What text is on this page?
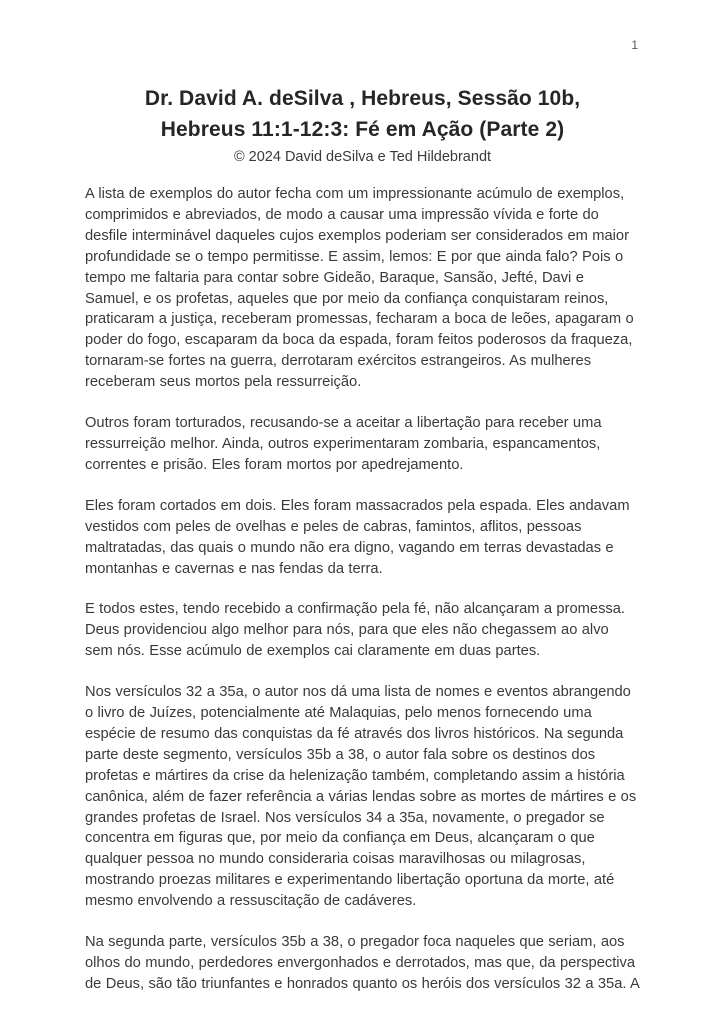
1
Dr. David A. deSilva , Hebreus, Sessão 10b,
Hebreus 11:1-12:3: Fé em Ação (Parte 2)

© 2024 David deSilva e Ted Hildebrandt

A lista de exemplos do autor fecha com um impressionante acúmulo de exemplos, comprimidos e abreviados, de modo a causar uma impressão vívida e forte do desfile interminável daqueles cujos exemplos poderiam ser considerados em maior profundidade se o tempo permitisse. E assim, lemos: E por que ainda falo? Pois o tempo me faltaria para contar sobre Gideão, Baraque, Sansão, Jefté, Davi e Samuel, e os profetas, aqueles que por meio da confiança conquistaram reinos, praticaram a justiça, receberam promessas, fecharam a boca de leões, apagaram o poder do fogo, escaparam da boca da espada, foram feitos poderosos da fraqueza, tornaram-se fortes na guerra, derrotaram exércitos estrangeiros. As mulheres receberam seus mortos pela ressurreição.

Outros foram torturados, recusando-se a aceitar a libertação para receber uma ressurreição melhor. Ainda, outros experimentaram zombaria, espancamentos, correntes e prisão. Eles foram mortos por apedrejamento.

Eles foram cortados em dois. Eles foram massacrados pela espada. Eles andavam vestidos com peles de ovelhas e peles de cabras, famintos, aflitos, pessoas maltratadas, das quais o mundo não era digno, vagando em terras devastadas e montanhas e cavernas e nas fendas da terra.

E todos estes, tendo recebido a confirmação pela fé, não alcançaram a promessa. Deus providenciou algo melhor para nós, para que eles não chegassem ao alvo sem nós. Esse acúmulo de exemplos cai claramente em duas partes.

Nos versículos 32 a 35a, o autor nos dá uma lista de nomes e eventos abrangendo o livro de Juízes, potencialmente até Malaquias, pelo menos fornecendo uma espécie de resumo das conquistas da fé através dos livros históricos. Na segunda parte deste segmento, versículos 35b a 38, o autor fala sobre os destinos dos profetas e mártires da crise da helenização também, completando assim a história canônica, além de fazer referência a várias lendas sobre as mortes de mártires e os grandes profetas de Israel. Nos versículos 34 a 35a, novamente, o pregador se concentra em figuras que, por meio da confiança em Deus, alcançaram o que qualquer pessoa no mundo consideraria coisas maravilhosas ou milagrosas, mostrando proezas militares e experimentando libertação oportuna da morte, até mesmo envolvendo a ressuscitação de cadáveres.

Na segunda parte, versículos 35b a 38, o pregador foca naqueles que seriam, aos olhos do mundo, perdedores envergonhados e derrotados, mas que, da perspectiva de Deus, são tão triunfantes e honrados quanto os heróis dos versículos 32 a 35a. A
